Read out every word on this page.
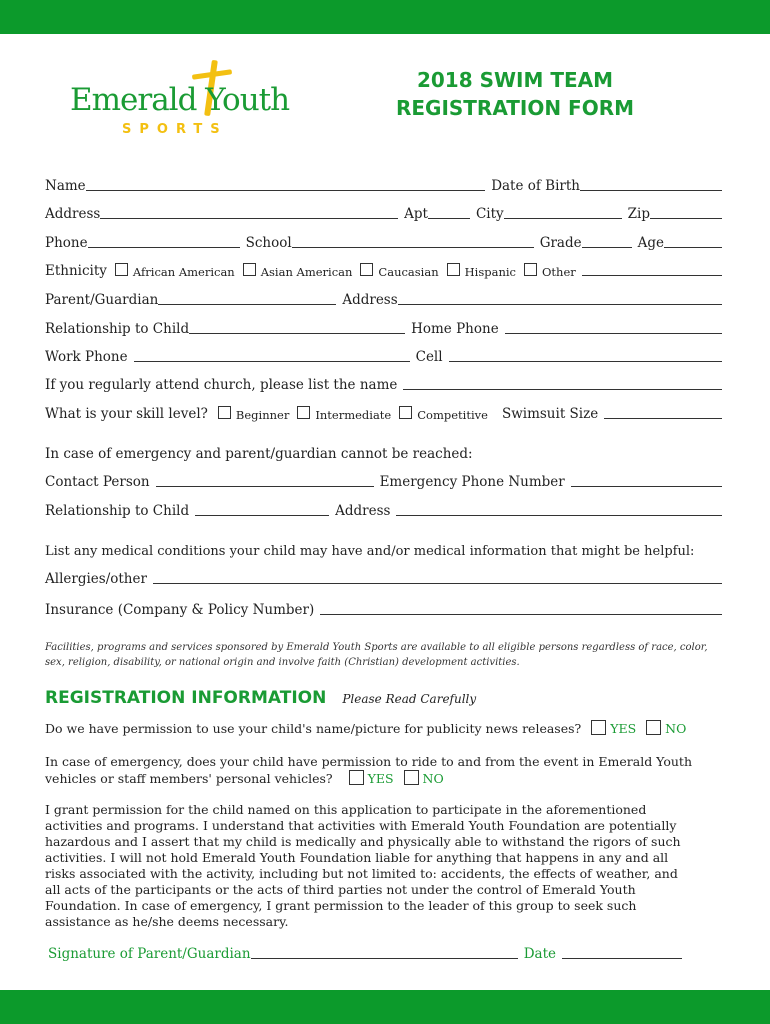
Emerald Youth
SPORTS
2018 SWIM TEAM
REGISTRATION FORM
Name	Date of Birth
Address	Apt	City	Zip
Phone	School	Grade	Age
Ethnicity African American Asian American Caucasian Hispanic Other
Parent/Guardian	Address
Relationship to Child	Home Phone
Work Phone	Cell
If you regularly attend church, please list the name
What is your skill level? Beginner Intermediate Competitive Swimsuit Size
In case of emergency and parent/guardian cannot be reached:
Contact Person	Emergency Phone Number
Relationship to Child	Address
List any medical conditions your child may have and/or medical information that might be helpful:
Allergies/other
Insurance (Company & Policy Number)
Facilities, programs and services sponsored by Emerald Youth Sports are available to all eligible persons regardless of race, color, sex, religion, disability, or national origin and involve faith (Christian) development activities.
REGISTRATION INFORMATION Please Read Carefully
Do we have permission to use your child's name/picture for publicity news releases? YES NO
In case of emergency, does your child have permission to ride to and from the event in Emerald Youth
vehicles or staff members' personal vehicles?	YES NO
I grant permission for the child named on this application to participate in the aforementioned activities and programs. I understand that activities with Emerald Youth Foundation are potentially hazardous and I assert that my child is medically and physically able to withstand the rigors of such activities. I will not hold Emerald Youth Foundation liable for anything that happens in any and all risks associated with the activity, including but not limited to: accidents, the effects of weather, and all acts of the participants or the acts of third parties not under the control of Emerald Youth Foundation. In case of emergency, I grant permission to the leader of this group to seek such assistance as he/she deems necessary.
Signature of Parent/Guardian	Date
